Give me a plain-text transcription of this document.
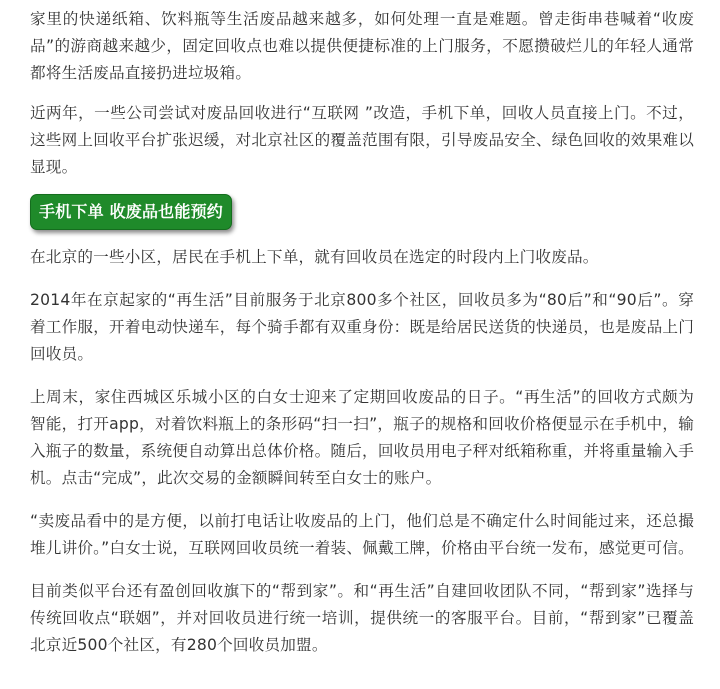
家里的快递纸箱、饮料瓶等生活废品越来越多，如何处理一直是难题。曾走街串巷喊着“收废品”的游商越来越少，固定回收点也难以提供便捷标准的上门服务，不愿攒破烂儿的年轻人通常都将生活废品直接扔进垃圾箱。

近两年，一些公司尝试对废品回收进行“互联网 ”改造，手机下单，回收人员直接上门。不过，这些网上回收平台扩张迟缓，对北京社区的覆盖范围有限，引导废品安全、绿色回收的效果难以显现。

手机下单 收废品也能预约

在北京的一些小区，居民在手机上下单，就有回收员在选定的时段内上门收废品。

2014年在京起家的“再生活”目前服务于北京800多个社区，回收员多为“80后”和“90后”。穿着工作服，开着电动快递车，每个骑手都有双重身份：既是给居民送货的快递员，也是废品上门回收员。

上周末，家住西城区乐城小区的白女士迎来了定期回收废品的日子。“再生活”的回收方式颇为智能，打开app，对着饮料瓶上的条形码“扫一扫”，瓶子的规格和回收价格便显示在手机中，输入瓶子的数量，系统便自动算出总体价格。随后，回收员用电子秤对纸箱称重，并将重量输入手机。点击“完成”，此次交易的金额瞬间转至白女士的账户。

“卖废品看中的是方便，以前打电话让收废品的上门，他们总是不确定什么时间能过来，还总撮堆儿讲价。”白女士说，互联网回收员统一着装、佩戴工牌，价格由平台统一发布，感觉更可信。

目前类似平台还有盈创回收旗下的“帮到家”。和“再生活”自建回收团队不同，“帮到家”选择与传统回收点“联姻”，并对回收员进行统一培训，提供统一的客服平台。目前，“帮到家”已覆盖北京近500个社区，有280个回收员加盟。
